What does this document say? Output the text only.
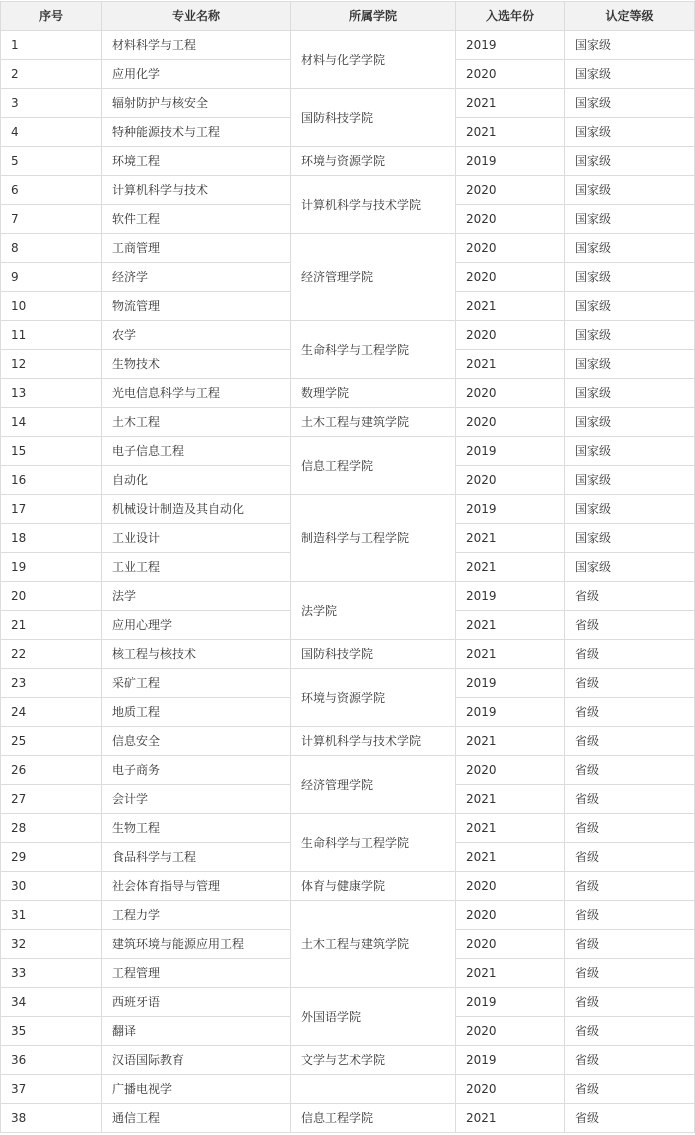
序号	专业名称	所属学院	入选年份	认定等级
1	材料科学与工程	材料与化学学院	2019	国家级
2	应用化学		2020	国家级
3	辐射防护与核安全	国防科技学院	2021	国家级
4	特种能源技术与工程		2021	国家级
5	环境工程	环境与资源学院	2019	国家级
6	计算机科学与技术	计算机科学与技术学院	2020	国家级
7	软件工程		2020	国家级
8	工商管理	经济管理学院	2020	国家级
9	经济学		2020	国家级
10	物流管理		2021	国家级
11	农学	生命科学与工程学院	2020	国家级
12	生物技术		2021	国家级
13	光电信息科学与工程	数理学院	2020	国家级
14	土木工程	土木工程与建筑学院	2020	国家级
15	电子信息工程	信息工程学院	2019	国家级
16	自动化		2020	国家级
17	机械设计制造及其自动化	制造科学与工程学院	2019	国家级
18	工业设计		2021	国家级
19	工业工程		2021	国家级
20	法学	法学院	2019	省级
21	应用心理学		2021	省级
22	核工程与核技术	国防科技学院	2021	省级
23	采矿工程	环境与资源学院	2019	省级
24	地质工程		2019	省级
25	信息安全	计算机科学与技术学院	2021	省级
26	电子商务	经济管理学院	2020	省级
27	会计学		2021	省级
28	生物工程	生命科学与工程学院	2021	省级
29	食品科学与工程		2021	省级
30	社会体育指导与管理	体育与健康学院	2020	省级
31	工程力学	土木工程与建筑学院	2020	省级
32	建筑环境与能源应用工程		2020	省级
33	工程管理		2021	省级
34	西班牙语	外国语学院	2019	省级
35	翻译		2020	省级
36	汉语国际教育	文学与艺术学院	2019	省级
37	广播电视学		2020	省级
38	通信工程	信息工程学院	2021	省级
